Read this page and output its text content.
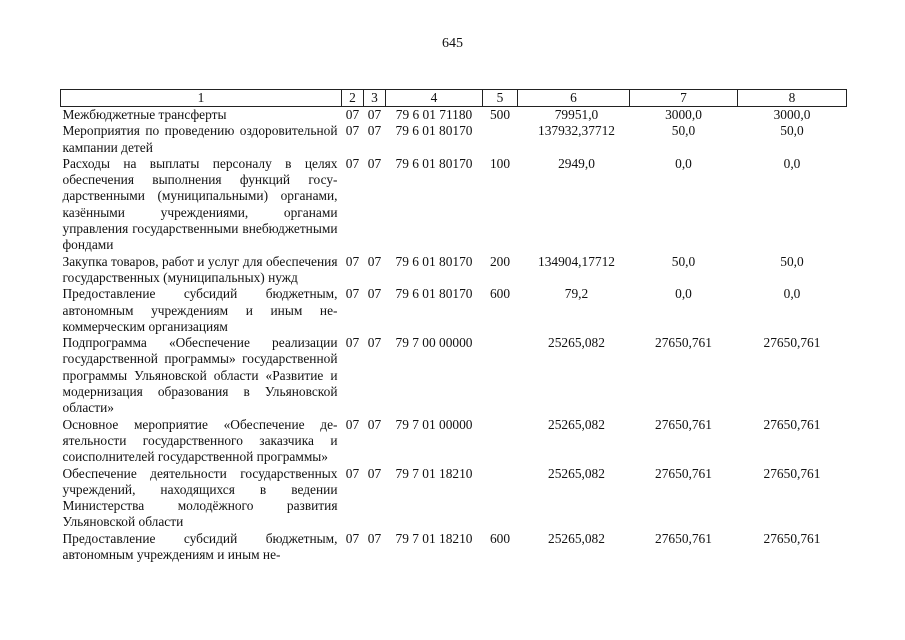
645
1	2	3	4	5	6	7	8
Межбюджетные трансферты	07	07	79 6 01 71180	500	79951,0	3000,0	3000,0
Мероприятия по проведению оздоровительной кампании детей	07	07	79 6 01 80170		137932,37712	50,0	50,0
Расходы на выплаты персоналу в целях обеспечения выполнения функций государственными (муниципальными) органами, казёнными учреждениями, органами управления государственными внебюджетными фондами	07	07	79 6 01 80170	100	2949,0	0,0	0,0
Закупка товаров, работ и услуг для обеспечения государственных (муниципальных) нужд	07	07	79 6 01 80170	200	134904,17712	50,0	50,0
Предоставление субсидий бюджетным, автономным учреждениям и иным некоммерческим организациям	07	07	79 6 01 80170	600	79,2	0,0	0,0
Подпрограмма «Обеспечение реализации государственной программы» государственной программы Ульяновской области «Развитие и модернизация образования в Ульяновской области»	07	07	79 7 00 00000		25265,082	27650,761	27650,761
Основное мероприятие «Обеспечение деятельности государственного заказчика и соисполнителей государственной программы»	07	07	79 7 01 00000		25265,082	27650,761	27650,761
Обеспечение деятельности государственных учреждений, находящихся в ведении Министерства молодёжного развития Ульяновской области	07	07	79 7 01 18210		25265,082	27650,761	27650,761
Предоставление субсидий бюджетным, автономным учреждениям и иным не-	07	07	79 7 01 18210	600	25265,082	27650,761	27650,761
